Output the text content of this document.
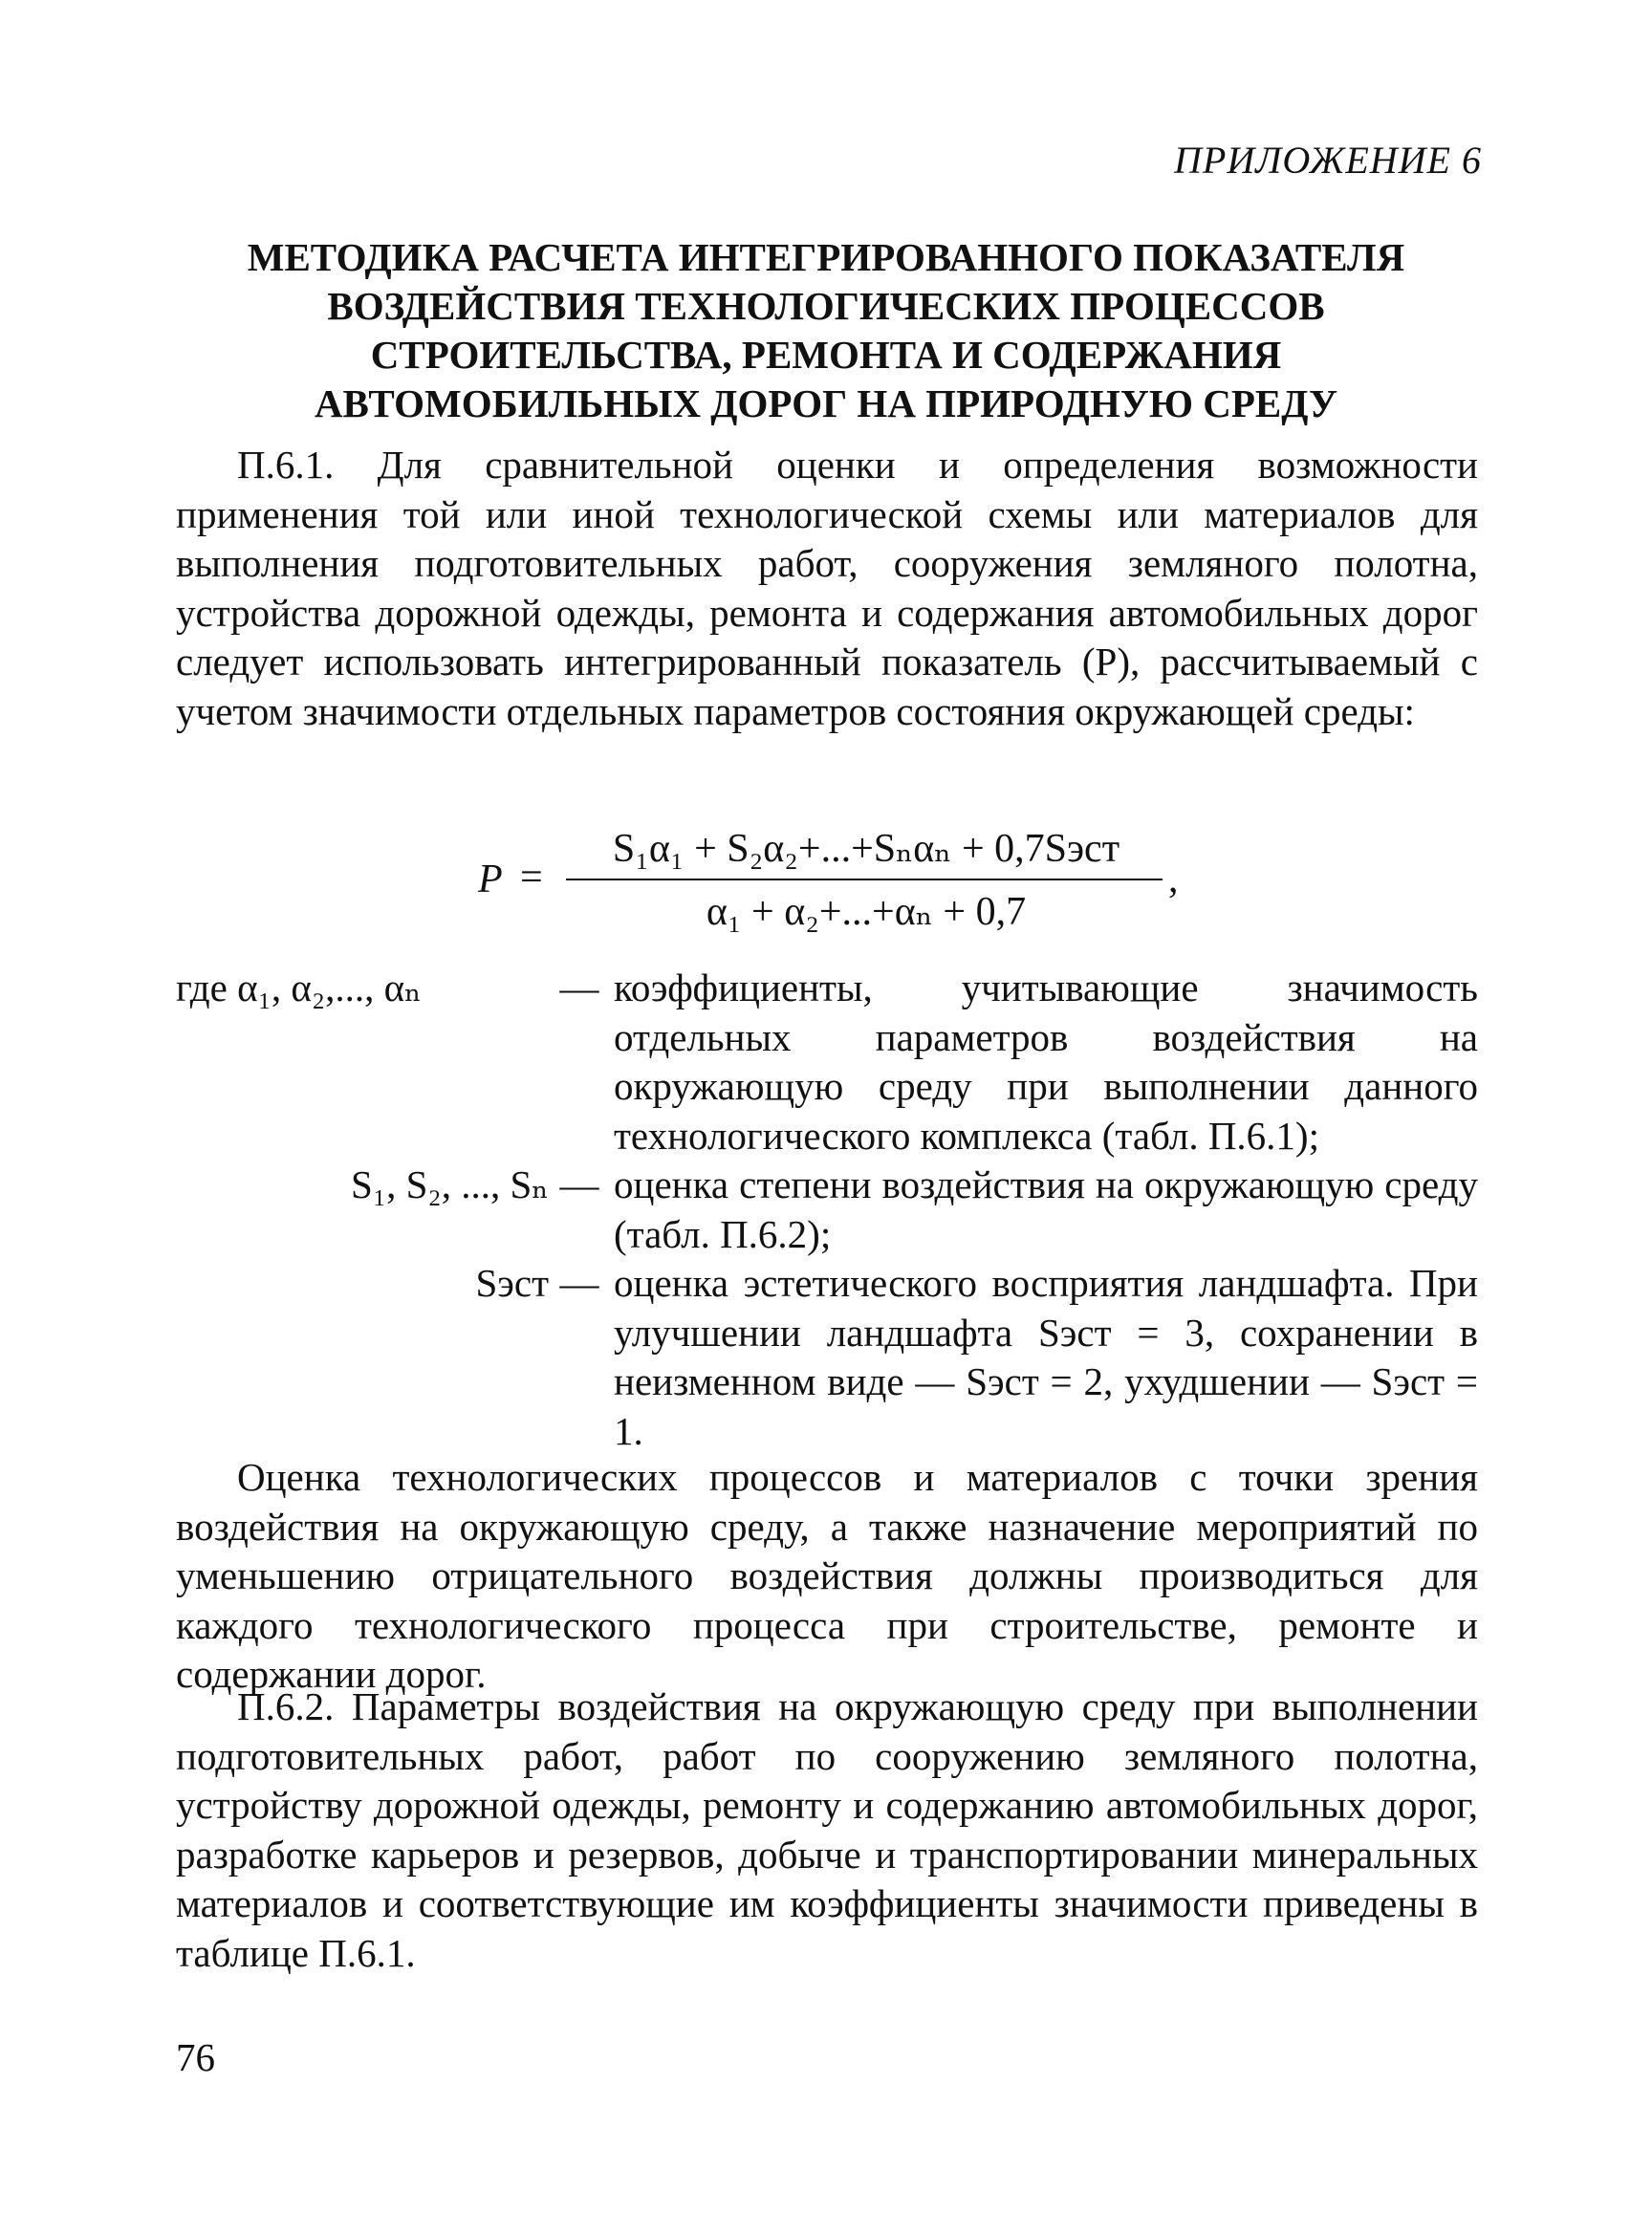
ПРИЛОЖЕНИЕ 6
МЕТОДИКА РАСЧЕТА ИНТЕГРИРОВАННОГО ПОКАЗАТЕЛЯ
ВОЗДЕЙСТВИЯ ТЕХНОЛОГИЧЕСКИХ ПРОЦЕССОВ
СТРОИТЕЛЬСТВА, РЕМОНТА И СОДЕРЖАНИЯ
АВТОМОБИЛЬНЫХ ДОРОГ НА ПРИРОДНУЮ СРЕДУ

П.6.1. Для сравнительной оценки и определения возможности применения той или иной технологической схемы или материалов для выполнения подготовительных работ, сооружения земляного полотна, устройства дорожной одежды, ремонта и содержания автомобильных дорог следует использовать интегрированный показатель (Р), рассчитываемый с учетом значимости отдельных параметров состояния окружающей среды:

P =
S₁α₁ + S₂α₂+...+Sₙαₙ + 0,7Sэст
α₁ + α₂+...+αₙ + 0,7
,
где α₁, α₂,..., αₙ	— коэффициенты, учитывающие значимость отдельных параметров воздействия на окружающую среду при выполнении данного технологического комплекса (табл. П.6.1);
S₁, S₂, ..., Sₙ — оценка степени воздействия на окружающую среду (табл. П.6.2);
Sэст — оценка эстетического восприятия ландшафта. При улучшении ландшафта Sэст = 3, сохранении в неизменном виде — Sэст = 2, ухудшении — Sэст = 1.

Оценка технологических процессов и материалов с точки зрения воздействия на окружающую среду, а также назначение мероприятий по уменьшению отрицательного воздействия должны производиться для каждого технологического процесса при строительстве, ремонте и содержании дорог.

П.6.2. Параметры воздействия на окружающую среду при выполнении подготовительных работ, работ по сооружению земляного полотна, устройству дорожной одежды, ремонту и содержанию автомобильных дорог, разработке карьеров и резервов, добыче и транспортировании минеральных материалов и соответствующие им коэффициенты значимости приведены в таблице П.6.1.

76
